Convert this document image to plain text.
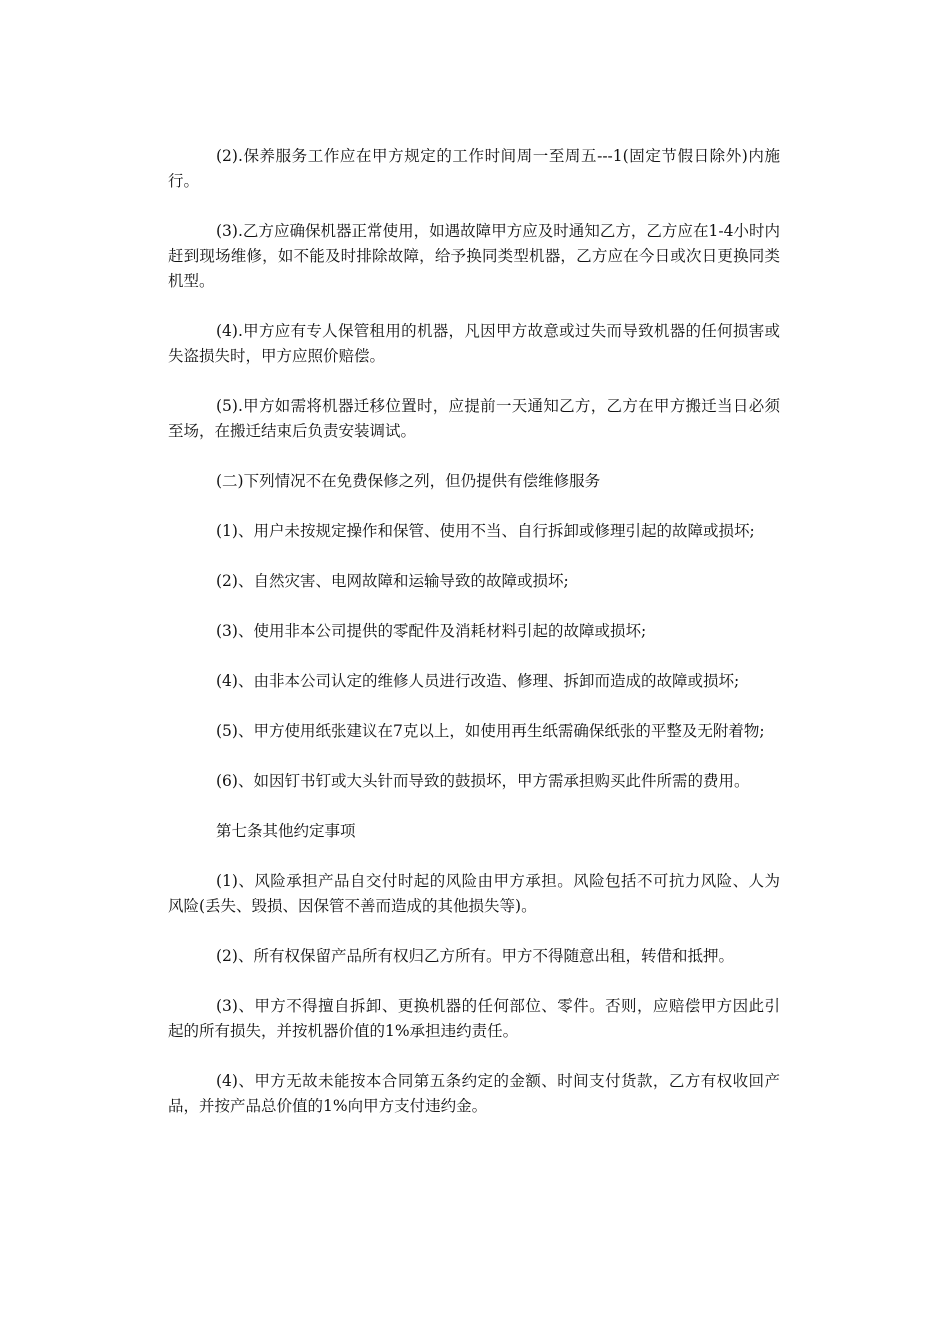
(2).保养服务工作应在甲方规定的工作时间周一至周五---1(固定节假日除外)内施行。

(3).乙方应确保机器正常使用，如遇故障甲方应及时通知乙方，乙方应在1-4小时内赶到现场维修，如不能及时排除故障，给予换同类型机器，乙方应在今日或次日更换同类机型。

(4).甲方应有专人保管租用的机器，凡因甲方故意或过失而导致机器的任何损害或失盗损失时，甲方应照价赔偿。

(5).甲方如需将机器迁移位置时，应提前一天通知乙方，乙方在甲方搬迁当日必须至场，在搬迁结束后负责安装调试。

(二)下列情况不在免费保修之列，但仍提供有偿维修服务

(1)、用户未按规定操作和保管、使用不当、自行拆卸或修理引起的故障或损坏;

(2)、自然灾害、电网故障和运输导致的故障或损坏;

(3)、使用非本公司提供的零配件及消耗材料引起的故障或损坏;

(4)、由非本公司认定的维修人员进行改造、修理、拆卸而造成的故障或损坏;

(5)、甲方使用纸张建议在7克以上，如使用再生纸需确保纸张的平整及无附着物;

(6)、如因钉书钉或大头针而导致的鼓损坏，甲方需承担购买此件所需的费用。

第七条其他约定事项

(1)、风险承担产品自交付时起的风险由甲方承担。风险包括不可抗力风险、人为风险(丢失、毁损、因保管不善而造成的其他损失等)。

(2)、所有权保留产品所有权归乙方所有。甲方不得随意出租，转借和抵押。

(3)、甲方不得擅自拆卸、更换机器的任何部位、零件。否则，应赔偿甲方因此引起的所有损失，并按机器价值的1%承担违约责任。

(4)、甲方无故未能按本合同第五条约定的金额、时间支付货款，乙方有权收回产品，并按产品总价值的1%向甲方支付违约金。
